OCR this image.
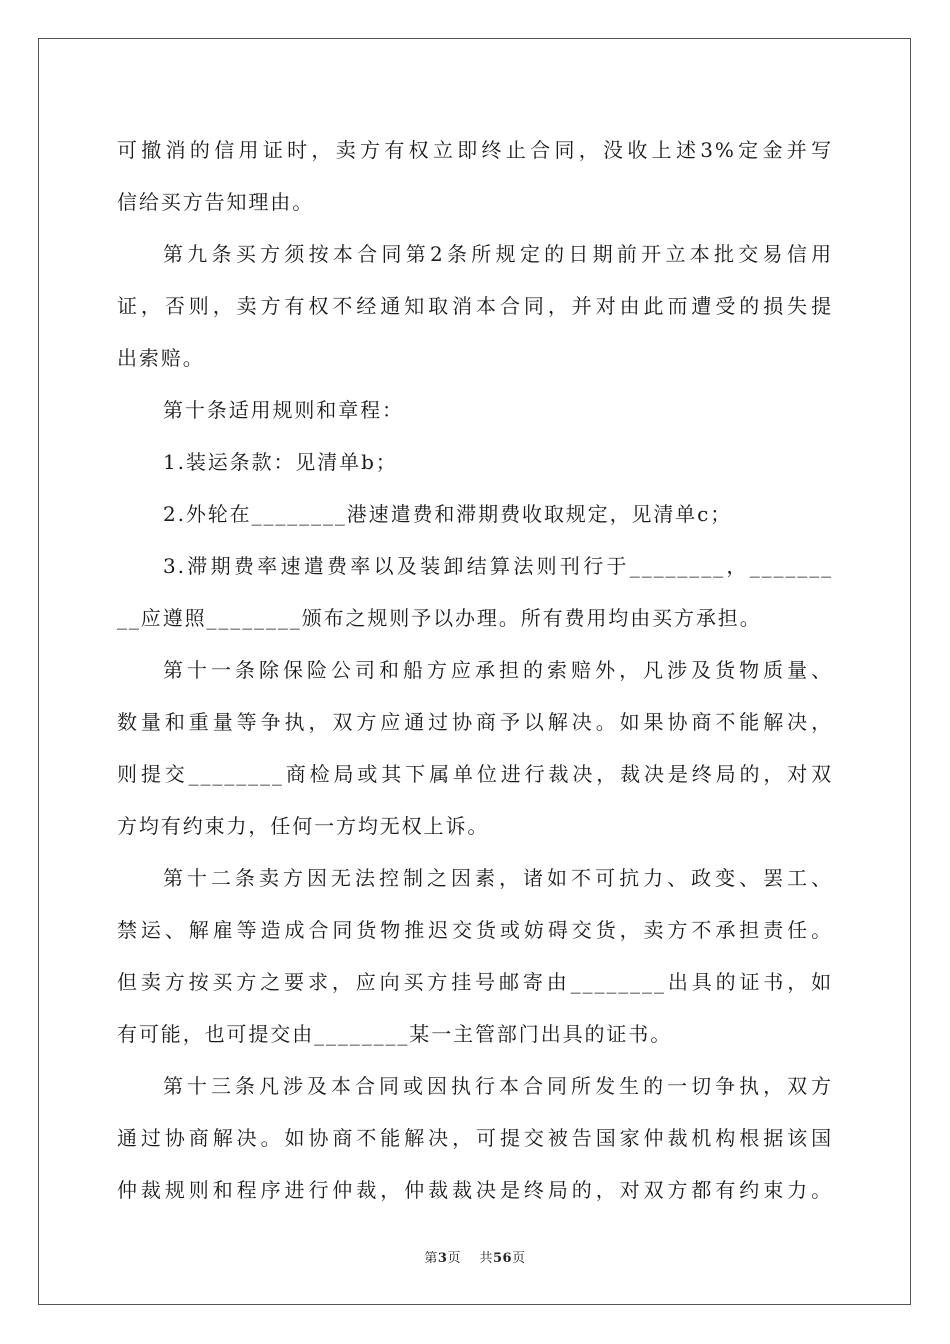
可撤消的信用证时，卖方有权立即终止合同，没收上述3%定金并写
信给买方告知理由。
第九条买方须按本合同第2条所规定的日期前开立本批交易信用
证，否则，卖方有权不经通知取消本合同，并对由此而遭受的损失提
出索赔。
第十条适用规则和章程：
1.装运条款：见清单b；
2.外轮在________港速遣费和滞期费收取规定，见清单c；
3.滞期费率速遣费率以及装卸结算法则刊行于________，_______
__应遵照________颁布之规则予以办理。所有费用均由买方承担。
第十一条除保险公司和船方应承担的索赔外，凡涉及货物质量、
数量和重量等争执，双方应通过协商予以解决。如果协商不能解决，
则提交________商检局或其下属单位进行裁决，裁决是终局的，对双
方均有约束力，任何一方均无权上诉。
第十二条卖方因无法控制之因素，诸如不可抗力、政变、罢工、
禁运、解雇等造成合同货物推迟交货或妨碍交货，卖方不承担责任。
但卖方按买方之要求，应向买方挂号邮寄由________出具的证书，如
有可能，也可提交由________某一主管部门出具的证书。
第十三条凡涉及本合同或因执行本合同所发生的一切争执，双方
通过协商解决。如协商不能解决，可提交被告国家仲裁机构根据该国
仲裁规则和程序进行仲裁，仲裁裁决是终局的，对双方都有约束力。
第3页 共56页
